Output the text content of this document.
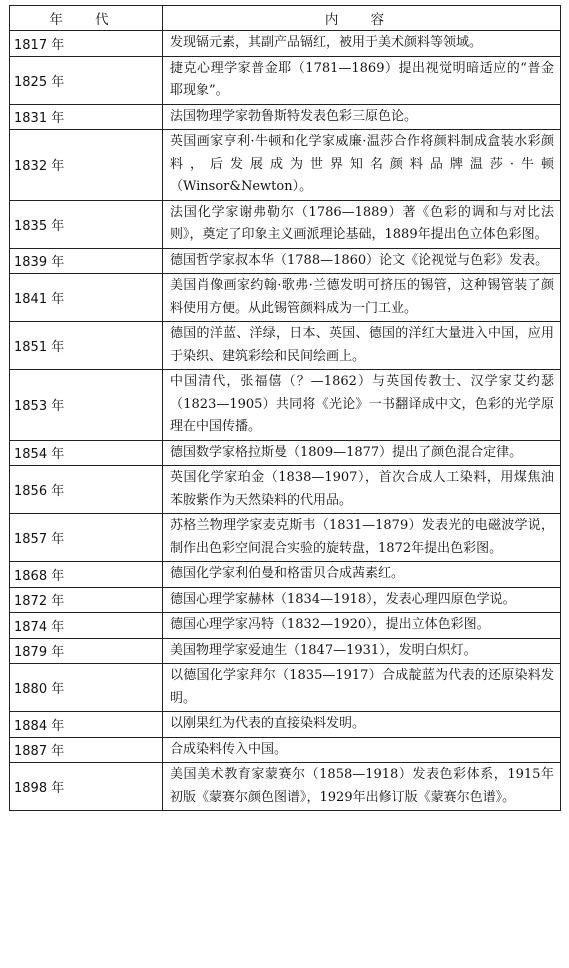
年 代	内 容
1817 年	发现镉元素，其副产品镉红，被用于美术颜料等领域。
1825 年	捷克心理学家普金耶（1781—1869）提出视觉明暗适应的“普金耶现象”。
1831 年	法国物理学家勃鲁斯特发表色彩三原色论。
1832 年	英国画家亨利·牛顿和化学家威廉·温莎合作将颜料制成盒装水彩颜料，后发展成为世界知名颜料品牌温莎·牛顿（Winsor&Newton）。
1835 年	法国化学家谢弗勒尔（1786—1889）著《色彩的调和与对比法则》，奠定了印象主义画派理论基础，1889年提出色立体色彩图。
1839 年	德国哲学家叔本华（1788—1860）论文《论视觉与色彩》发表。
1841 年	美国肖像画家约翰·歌弗·兰德发明可挤压的锡管，这种锡管装了颜料使用方便。从此锡管颜料成为一门工业。
1851 年	德国的洋蓝、洋绿，日本、英国、德国的洋红大量进入中国，应用于染织、建筑彩绘和民间绘画上。
1853 年	中国清代，张福僖（？—1862）与英国传教士、汉学家艾约瑟（1823—1905）共同将《光论》一书翻译成中文，色彩的光学原理在中国传播。
1854 年	德国数学家格拉斯曼（1809—1877）提出了颜色混合定律。
1856 年	英国化学家珀金（1838—1907），首次合成人工染料，用煤焦油苯胺紫作为天然染料的代用品。
1857 年	苏格兰物理学家麦克斯韦（1831—1879）发表光的电磁波学说，制作出色彩空间混合实验的旋转盘，1872年提出色彩图。
1868 年	德国化学家利伯曼和格雷贝合成茜素红。
1872 年	德国心理学家赫林（1834—1918），发表心理四原色学说。
1874 年	德国心理学家冯特（1832—1920），提出立体色彩图。
1879 年	美国物理学家爱迪生（1847—1931），发明白炽灯。
1880 年	以德国化学家拜尔（1835—1917）合成靛蓝为代表的还原染料发明。
1884 年	以刚果红为代表的直接染料发明。
1887 年	合成染料传入中国。
1898 年	美国美术教育家蒙赛尔（1858—1918）发表色彩体系，1915年初版《蒙赛尔颜色图谱》，1929年出修订版《蒙赛尔色谱》。
